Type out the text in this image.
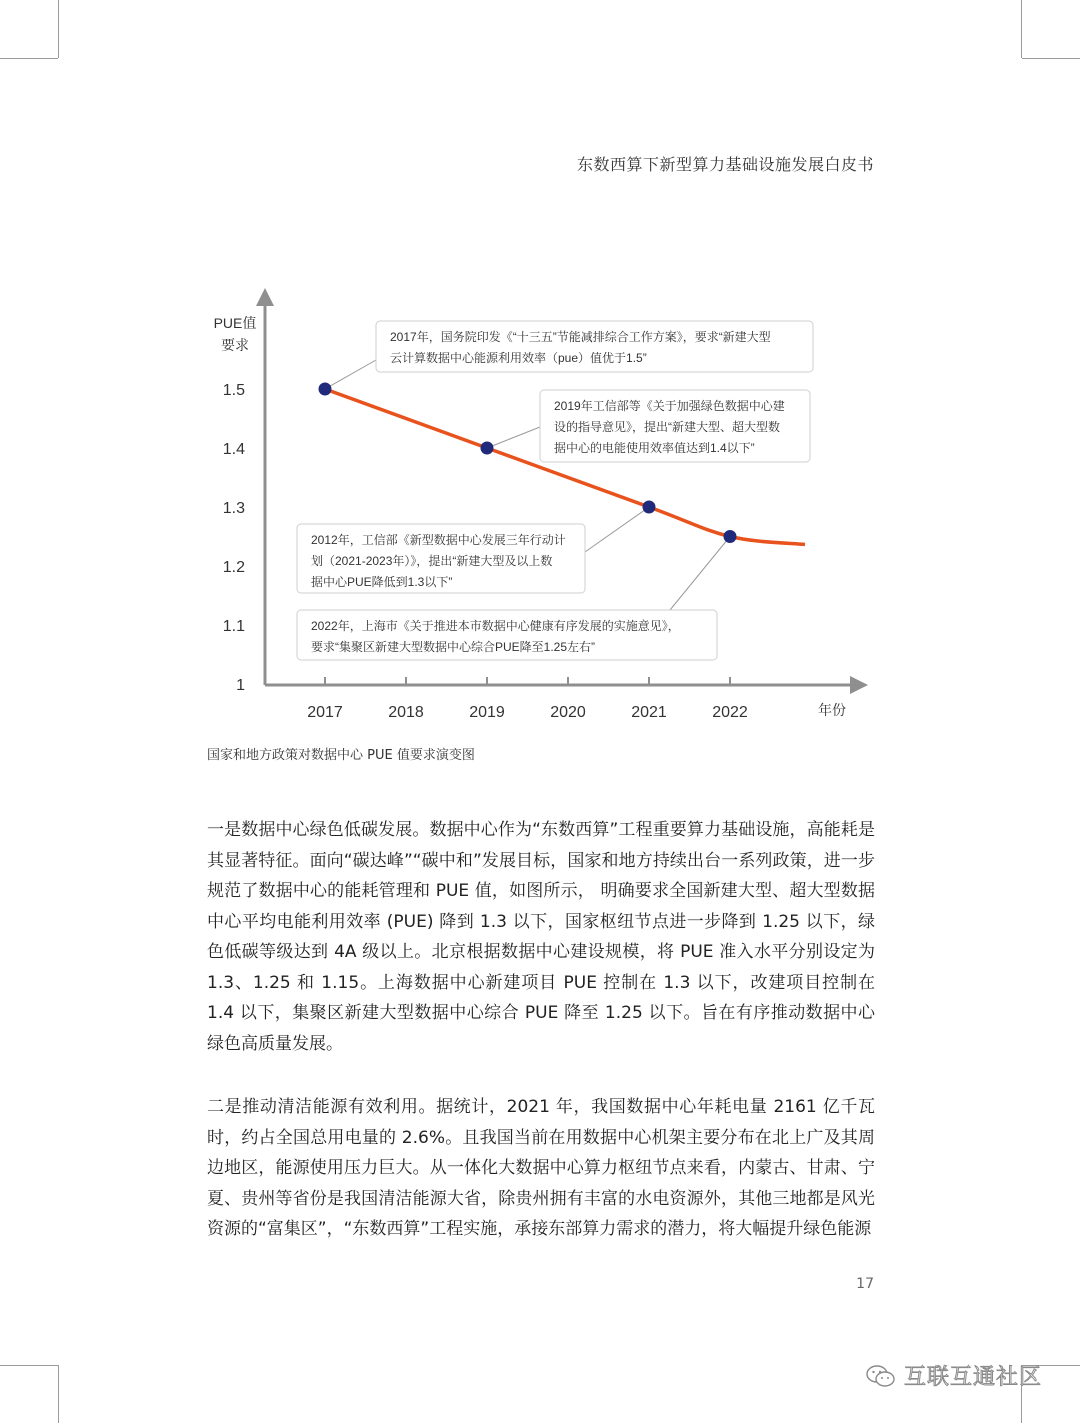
东数西算下新型算力基础设施发展白皮书
PUE值
要求
1.5
1.4
1.3
1.2
1.1
1
2017	2018	2019	2020	2021	2022	年份
2017年，国务院印发《“十三五”节能减排综合工作方案》，要求“新建大型
云计算数据中心能源利用效率（pue）值优于1.5”
2019年工信部等《关于加强绿色数据中心建
设的指导意见》，提出“新建大型、超大型数
据中心的电能使用效率值达到1.4以下”
2012年，工信部《新型数据中心发展三年行动计
划（2021-2023年）》，提出“新建大型及以上数
据中心PUE降低到1.3以下”
2022年，上海市《关于推进本市数据中心健康有序发展的实施意见》，
要求“集聚区新建大型数据中心综合PUE降至1.25左右”
国家和地方政策对数据中心 PUE 值要求演变图

一是数据中心绿色低碳发展。数据中心作为“东数西算”工程重要算力基础设施，高能耗是其显著特征。面向“碳达峰”“碳中和”发展目标，国家和地方持续出台一系列政策，进一步规范了数据中心的能耗管理和 PUE 值，如图所示， 明确要求全国新建大型、超大型数据中心平均电能利用效率 (PUE) 降到 1.3 以下，国家枢纽节点进一步降到 1.25 以下，绿色低碳等级达到 4A 级以上。北京根据数据中心建设规模，将 PUE 准入水平分别设定为 1.3、1.25 和 1.15。上海数据中心新建项目 PUE 控制在 1.3 以下，改建项目控制在 1.4 以下，集聚区新建大型数据中心综合 PUE 降至 1.25 以下。旨在有序推动数据中心绿色高质量发展。

二是推动清洁能源有效利用。据统计，2021 年，我国数据中心年耗电量 2161 亿千瓦时，约占全国总用电量的 2.6%。且我国当前在用数据中心机架主要分布在北上广及其周边地区，能源使用压力巨大。从一体化大数据中心算力枢纽节点来看，内蒙古、甘肃、宁夏、贵州等省份是我国清洁能源大省，除贵州拥有丰富的水电资源外，其他三地都是风光资源的“富集区”，“东数西算”工程实施，承接东部算力需求的潜力，将大幅提升绿色能源

17
互联互通社区
